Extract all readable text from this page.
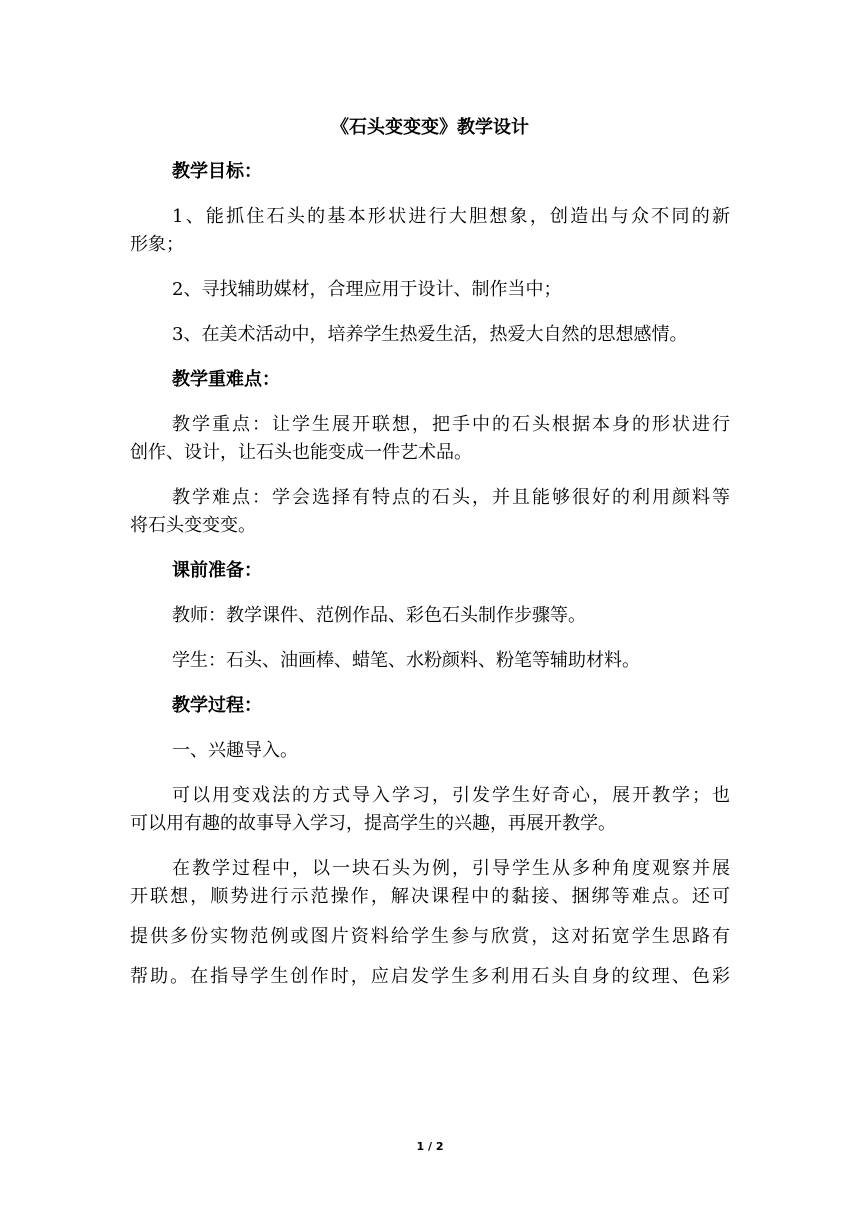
《石头变变变》教学设计
教学目标：
1、能抓住石头的基本形状进行大胆想象，创造出与众不同的新
形象；
2、寻找辅助媒材，合理应用于设计、制作当中；
3、在美术活动中，培养学生热爱生活，热爱大自然的思想感情。
教学重难点：
教学重点：让学生展开联想，把手中的石头根据本身的形状进行
创作、设计，让石头也能变成一件艺术品。
教学难点：学会选择有特点的石头，并且能够很好的利用颜料等
将石头变变变。
课前准备：
教师：教学课件、范例作品、彩色石头制作步骤等。
学生：石头、油画棒、蜡笔、水粉颜料、粉笔等辅助材料。
教学过程：
一、兴趣导入。
可以用变戏法的方式导入学习，引发学生好奇心，展开教学；也
可以用有趣的故事导入学习，提高学生的兴趣，再展开教学。
在教学过程中，以一块石头为例，引导学生从多种角度观察并展
开联想，顺势进行示范操作，解决课程中的黏接、捆绑等难点。还可
提供多份实物范例或图片资料给学生参与欣赏，这对拓宽学生思路有
帮助。在指导学生创作时，应启发学生多利用石头自身的纹理、色彩
1 / 2
